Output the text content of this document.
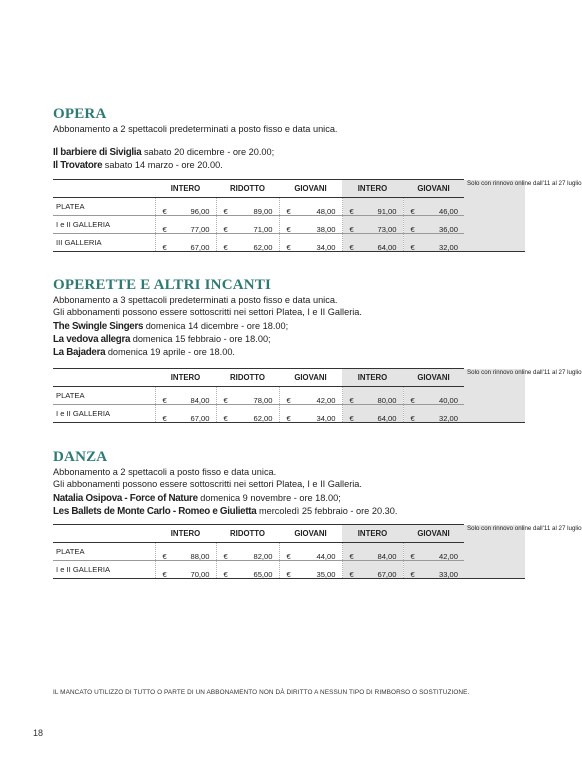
OPERA
Abbonamento a 2 spettacoli predeterminati a posto fisso e data unica.
Il barbiere di Siviglia sabato 20 dicembre - ore 20.00;
Il Trovatore sabato 14 marzo - ore 20.00.
	INTERO	RIDOTTO	GIOVANI	INTERO	GIOVANI	Solo con rinnovo online dall'11 al 27 luglio
PLATEA	€ 96,00	€ 89,00	€ 48,00	€ 91,00	€ 46,00	

I e II GALLERIA	€ 77,00	€ 71,00	€ 38,00	€ 73,00	€ 36,00	

III GALLERIA	€ 67,00	€ 62,00	€ 34,00	€ 64,00	€ 32,00	
OPERETTE E ALTRI INCANTI
Abbonamento a 3 spettacoli predeterminati a posto fisso e data unica.
Gli abbonamenti possono essere sottoscritti nei settori Platea, I e II Galleria.
The Swingle Singers domenica 14 dicembre - ore 18.00;
La vedova allegra domenica 15 febbraio - ore 18.00;
La Bajadera domenica 19 aprile - ore 18.00.
	INTERO	RIDOTTO	GIOVANI	INTERO	GIOVANI	Solo con rinnovo online dall'11 al 27 luglio
PLATEA	€ 84,00	€ 78,00	€ 42,00	€ 80,00	€ 40,00	

I e II GALLERIA	€ 67,00	€ 62,00	€ 34,00	€ 64,00	€ 32,00	
DANZA
Abbonamento a 2 spettacoli a posto fisso e data unica.
Gli abbonamenti possono essere sottoscritti nei settori Platea, I e II Galleria.
Natalia Osipova - Force of Nature domenica 9 novembre - ore 18.00;
Les Ballets de Monte Carlo - Romeo e Giulietta mercoledì 25 febbraio - ore 20.30.
	INTERO	RIDOTTO	GIOVANI	INTERO	GIOVANI	Solo con rinnovo online dall'11 al 27 luglio
PLATEA	€ 88,00	€ 82,00	€ 44,00	€ 84,00	€ 42,00	

I e II GALLERIA	€ 70,00	€ 65,00	€ 35,00	€ 67,00	€ 33,00	
IL MANCATO UTILIZZO DI TUTTO O PARTE DI UN ABBONAMENTO NON DÀ DIRITTO A NESSUN TIPO DI RIMBORSO O SOSTITUZIONE.
18
